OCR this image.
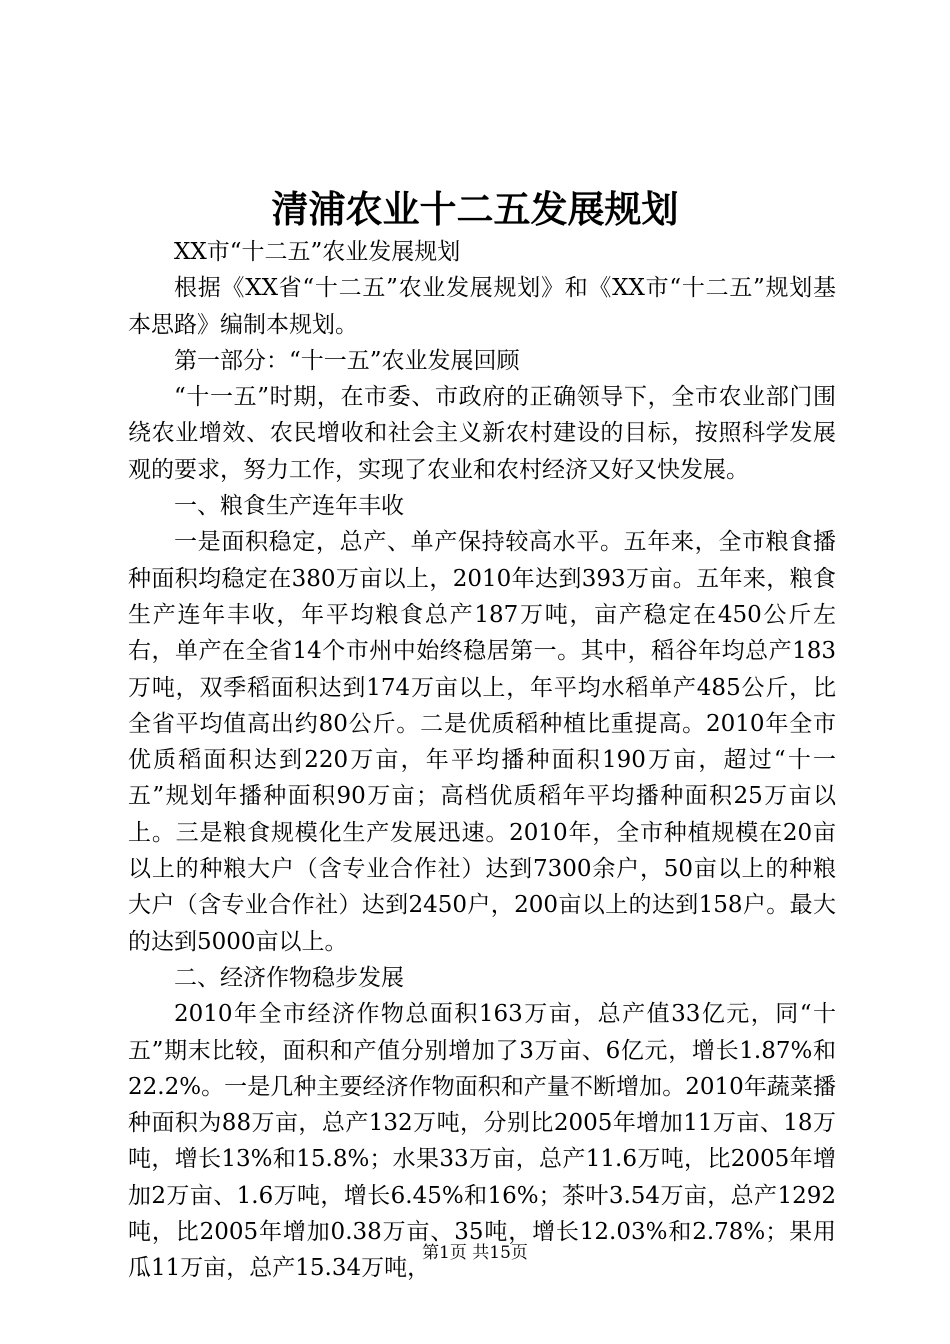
清浦农业十二五发展规划

XX市“十二五”农业发展规划

根据《XX省“十二五”农业发展规划》和《XX市“十二五”规划基本思路》编制本规划。

第一部分：“十一五”农业发展回顾

“十一五”时期，在市委、市政府的正确领导下，全市农业部门围绕农业增效、农民增收和社会主义新农村建设的目标，按照科学发展观的要求，努力工作，实现了农业和农村经济又好又快发展。

一、粮食生产连年丰收

一是面积稳定，总产、单产保持较高水平。五年来，全市粮食播种面积均稳定在380万亩以上，2010年达到393万亩。五年来，粮食生产连年丰收，年平均粮食总产187万吨，亩产稳定在450公斤左右，单产在全省14个市州中始终稳居第一。其中，稻谷年均总产183万吨，双季稻面积达到174万亩以上，年平均水稻单产485公斤，比全省平均值高出约80公斤。二是优质稻种植比重提高。2010年全市优质稻面积达到220万亩，年平均播种面积190万亩，超过“十一五”规划年播种面积90万亩；高档优质稻年平均播种面积25万亩以上。三是粮食规模化生产发展迅速。2010年，全市种植规模在20亩以上的种粮大户（含专业合作社）达到7300余户，50亩以上的种粮大户（含专业合作社）达到2450户，200亩以上的达到158户。最大的达到5000亩以上。

二、经济作物稳步发展

2010年全市经济作物总面积163万亩，总产值33亿元，同“十五”期末比较，面积和产值分别增加了3万亩、6亿元，增长1.87%和22.2%。一是几种主要经济作物面积和产量不断增加。2010年蔬菜播种面积为88万亩，总产132万吨，分别比2005年增加11万亩、18万吨，增长13%和15.8%；水果33万亩，总产11.6万吨，比2005年增加2万亩、1.6万吨，增长6.45%和16%；茶叶3.54万亩，总产1292吨，比2005年增加0.38万亩、35吨，增长12.03%和2.78%；果用瓜11万亩，总产15.34万吨，

第1页 共15页
